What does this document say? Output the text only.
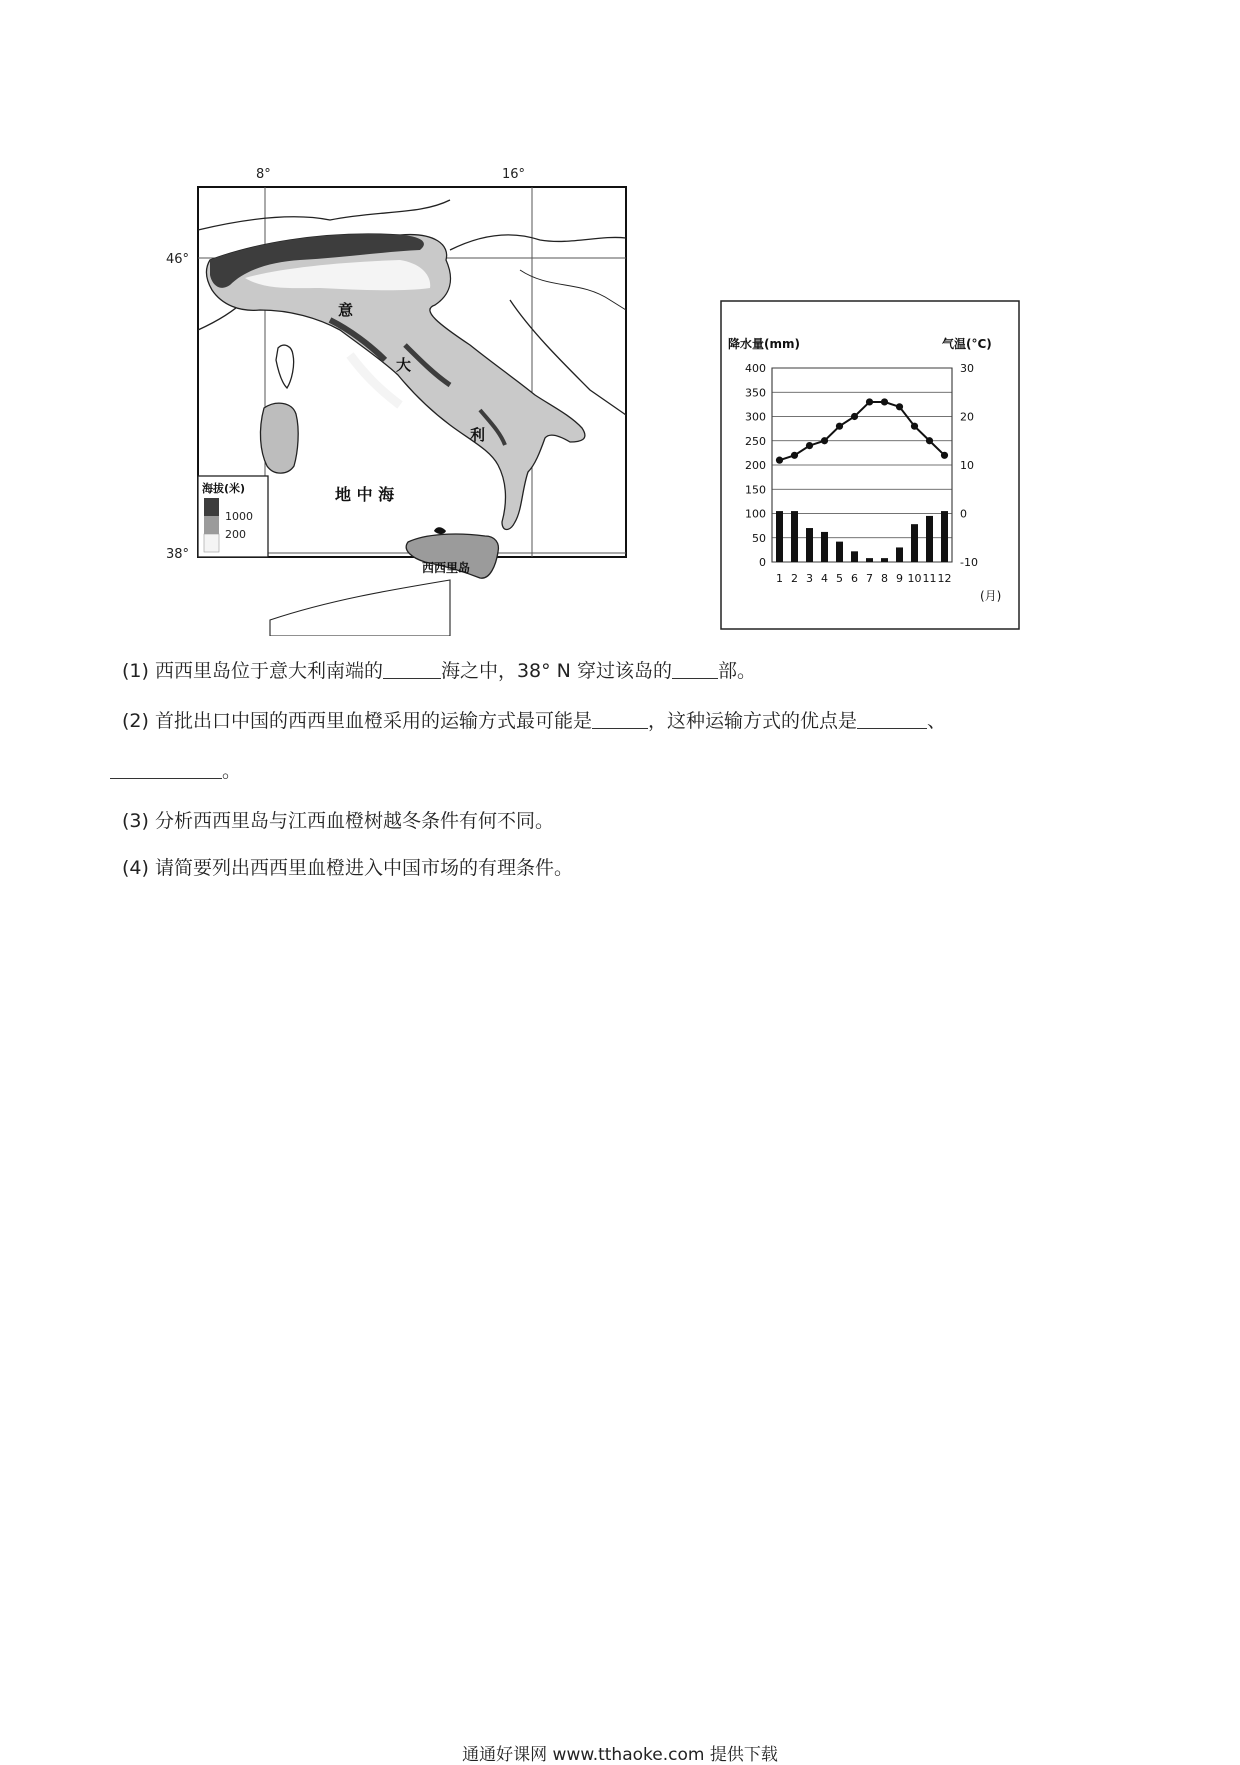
8°	16°
46°
38°
意
大
利
地 中 海
西西里岛
海拔(米)
1000
200
降水量(mm)	气温(°C)
400
350
300
250
200
150
100
50
0
30
20
10
0
-10
1 2 3 4 5 6 7 8 9 10 11 12
(月)
(1) 西西里岛位于意大利南端的	海之中，38° N 穿过该岛的 部。
(2) 首批出口中国的西西里血橙采用的运输方式最可能是	，这种运输方式的优点是	、
。
(3) 分析西西里岛与江西血橙树越冬条件有何不同。
(4) 请简要列出西西里血橙进入中国市场的有理条件。
通通好课网 www.tthaoke.com 提供下载
